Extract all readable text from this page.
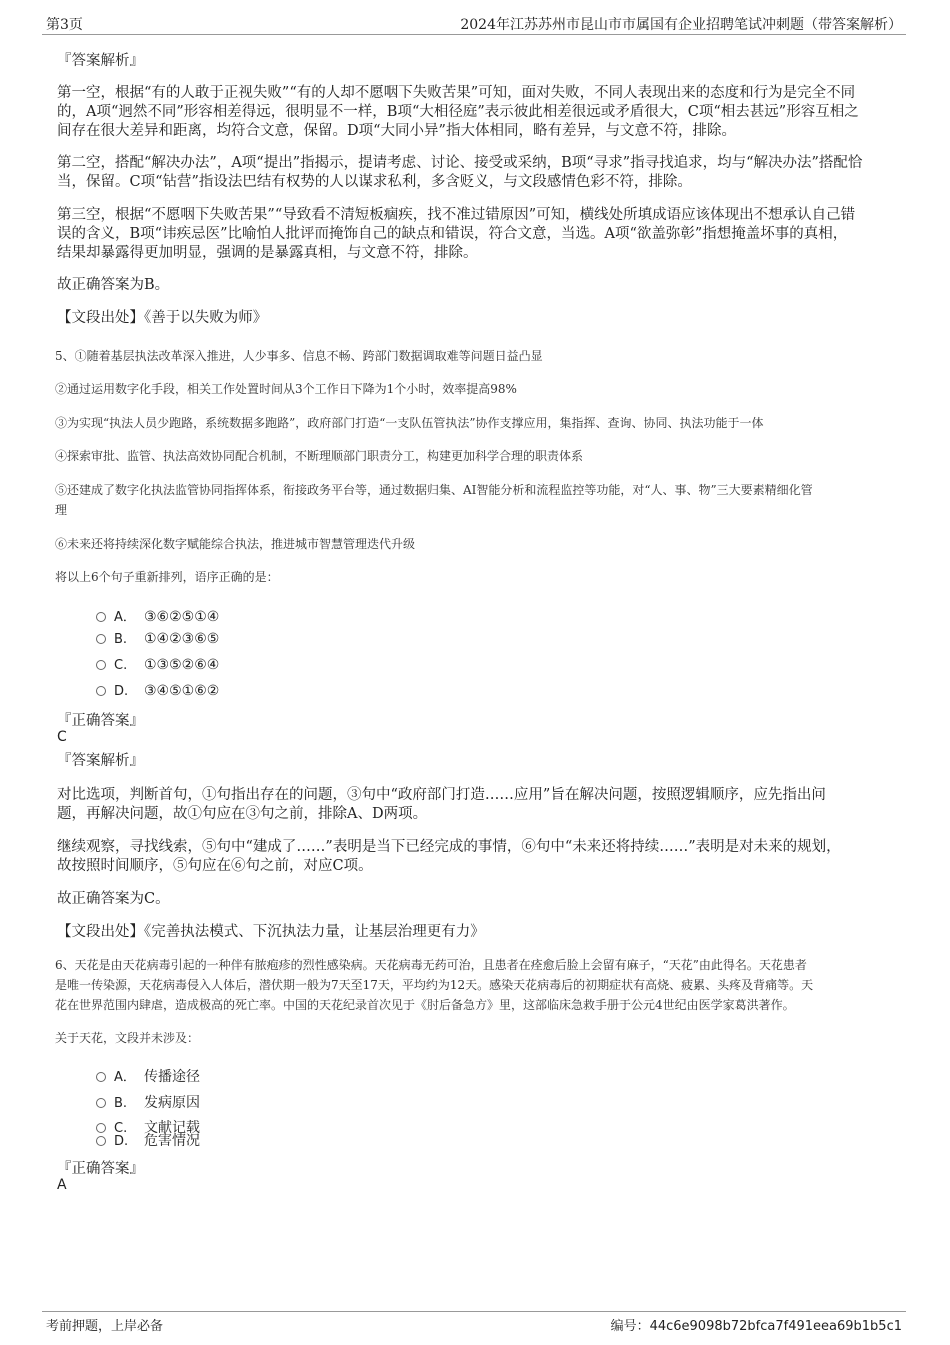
第3页	2024年江苏苏州市昆山市市属国有企业招聘笔试冲刺题（带答案解析）
『答案解析』
第一空，根据“有的人敢于正视失败”“有的人却不愿咽下失败苦果”可知，面对失败，不同人表现出来的态度和行为是完全不同
的，A项“迥然不同”形容相差得远，很明显不一样，B项“大相径庭”表示彼此相差很远或矛盾很大，C项“相去甚远”形容互相之
间存在很大差异和距离，均符合文意，保留。D项“大同小异”指大体相同，略有差异，与文意不符，排除。
第二空，搭配“解决办法”，A项“提出”指揭示，提请考虑、讨论、接受或采纳，B项“寻求”指寻找追求，均与“解决办法”搭配恰
当，保留。C项“钻营”指设法巴结有权势的人以谋求私利，多含贬义，与文段感情色彩不符，排除。
第三空，根据“不愿咽下失败苦果”“导致看不清短板痼疾，找不准过错原因”可知，横线处所填成语应该体现出不想承认自己错
误的含义，B项“讳疾忌医”比喻怕人批评而掩饰自己的缺点和错误，符合文意，当选。A项“欲盖弥彰”指想掩盖坏事的真相，
结果却暴露得更加明显，强调的是暴露真相，与文意不符，排除。
故正确答案为B。
【文段出处】《善于以失败为师》
5、①随着基层执法改革深入推进，人少事多、信息不畅、跨部门数据调取难等问题日益凸显
②通过运用数字化手段，相关工作处置时间从3个工作日下降为1个小时，效率提高98%
③为实现“执法人员少跑路，系统数据多跑路”，政府部门打造“一支队伍管执法”协作支撑应用，集指挥、查询、协同、执法功能于一体
④探索审批、监管、执法高效协同配合机制，不断理顺部门职责分工，构建更加科学合理的职责体系
⑤还建成了数字化执法监管协同指挥体系，衔接政务平台等，通过数据归集、AI智能分析和流程监控等功能，对“人、事、物”三大要素精细化管
理
⑥未来还将持续深化数字赋能综合执法，推进城市智慧管理迭代升级
将以上6个句子重新排列，语序正确的是：
A． ③⑥②⑤①④
B. ①④②③⑥⑤
C. ①③⑤②⑥④
D. ③④⑤①⑥②
『正确答案』
C
『答案解析』
对比选项，判断首句，①句指出存在的问题，③句中“政府部门打造……应用”旨在解决问题，按照逻辑顺序，应先指出问
题，再解决问题，故①句应在③句之前，排除A、D两项。
继续观察，寻找线索，⑤句中“建成了……”表明是当下已经完成的事情，⑥句中“未来还将持续……”表明是对未来的规划，
故按照时间顺序，⑤句应在⑥句之前，对应C项。
故正确答案为C。
【文段出处】《完善执法模式、下沉执法力量，让基层治理更有力》
6、天花是由天花病毒引起的一种伴有脓疱疹的烈性感染病。天花病毒无药可治，且患者在痊愈后脸上会留有麻子，“天花”由此得名。天花患者
是唯一传染源，天花病毒侵入人体后，潜伏期一般为7天至17天，平均约为12天。感染天花病毒后的初期症状有高烧、疲累、头疼及背痛等。天
花在世界范围内肆虐，造成极高的死亡率。中国的天花纪录首次见于《肘后备急方》里，这部临床急救手册于公元4世纪由医学家葛洪著作。
关于天花，文段并未涉及：
A． 传播途径
B. 发病原因
C. 文献记载
D. 危害情况
『正确答案』
A
考前押题，上岸必备	编号：44c6e9098b72bfca7f491eea69b1b5c1
